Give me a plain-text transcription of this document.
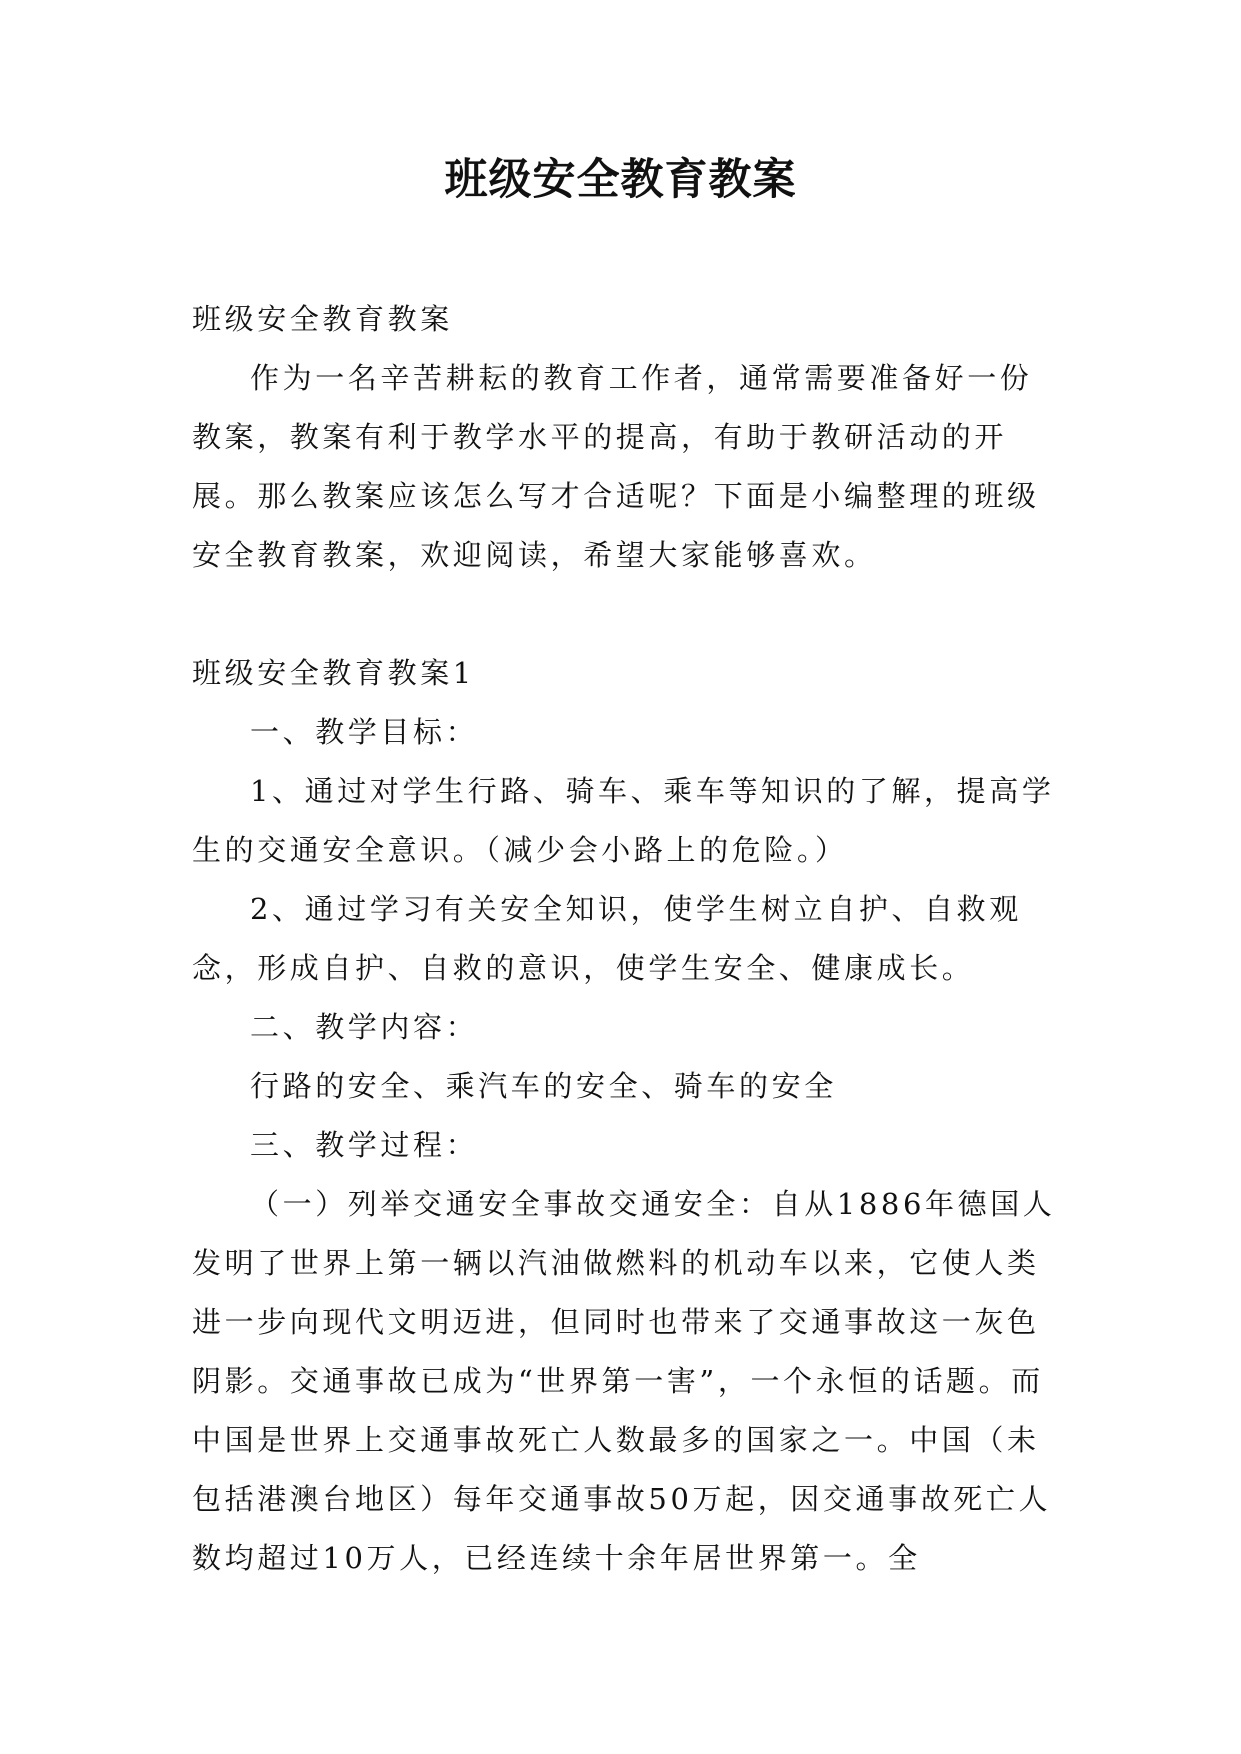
班级安全教育教案

班级安全教育教案

作为一名辛苦耕耘的教育工作者，通常需要准备好一份教案，教案有利于教学水平的提高，有助于教研活动的开展。那么教案应该怎么写才合适呢？下面是小编整理的班级安全教育教案，欢迎阅读，希望大家能够喜欢。

班级安全教育教案1

一、教学目标：

1、通过对学生行路、骑车、乘车等知识的了解，提高学生的交通安全意识。（减少会小路上的危险。）

2、通过学习有关安全知识，使学生树立自护、自救观念，形成自护、自救的意识，使学生安全、健康成长。

二、教学内容：

行路的安全、乘汽车的安全、骑车的安全

三、教学过程：

（一）列举交通安全事故交通安全：自从1886年德国人发明了世界上第一辆以汽油做燃料的机动车以来，它使人类进一步向现代文明迈进，但同时也带来了交通事故这一灰色阴影。交通事故已成为“世界第一害”，一个永恒的话题。而中国是世界上交通事故死亡人数最多的国家之一。中国（未包括港澳台地区）每年交通事故50万起，因交通事故死亡人数均超过10万人，已经连续十余年居世界第一。全
